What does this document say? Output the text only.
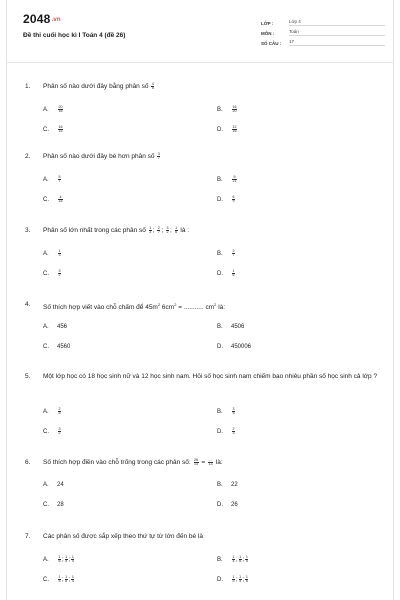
2048.vn
Đề thi cuối học kì I Toán 4 (đề 26)
LỚP :	Lớp 4
MÔN :	Toán
SỐ CÂU :	17
1.	Phân số nào dưới đây bằng phân số $\frac{4}{5}$
A.	$\frac{20}{16}$	B.	$\frac{16}{20}$
C.	$\frac{16}{15}$	D.	$\frac{12}{16}$
2.	Phân số nào dưới đây bé hơn phân số $\frac{3}{7}$
A.	$\frac{5}{7}$	B.	$\frac{9}{21}$
C.	$\frac{4}{15}$	D.	$\frac{6}{9}$
3.	Phân số lớn nhất trong các phân số $\frac{1}{3}$ ; $\frac{2}{7}$ ; $\frac{3}{2}$ ; $\frac{1}{6}$ là :
A.	$\frac{1}{3}$	B.	$\frac{2}{7}$
C.	$\frac{3}{2}$	D.	$\frac{1}{6}$
4.	Số thích hợp viết vào chỗ chấm để $45m^2$ $6cm^2$ = ........... $cm^2$ là:
A.	456	B.	4506
C.	4560	D.	450006
5.	Một lớp học có 18 học sinh nữ và 12 học sinh nam. Hỏi số học sinh nam chiếm bao nhiêu phần số học sinh cả lớp ?
A.	$\frac{2}{5}$	B.	$\frac{3}{5}$
C.	$\frac{3}{2}$	D.	$\frac{2}{3}$
6.	Số thích hợp điền vào chỗ trống trong các phân số: $\frac{26}{13} = \frac{....}{13}$ là:
A.	24	B.	22
C.	28	D.	26
7.	Các phân số được sắp xếp theo thứ tự từ lớn đến bé là
A.	$\frac{1}{6}$ ; $\frac{1}{5}$ ; $\frac{1}{4}$	B.	$\frac{1}{4}$ ; $\frac{1}{6}$ ; $\frac{1}{5}$
C.	$\frac{1}{5}$ ; $\frac{1}{6}$ ; $\frac{1}{4}$	D.	$\frac{1}{5}$ ; $\frac{1}{4}$ ; $\frac{1}{6}$
